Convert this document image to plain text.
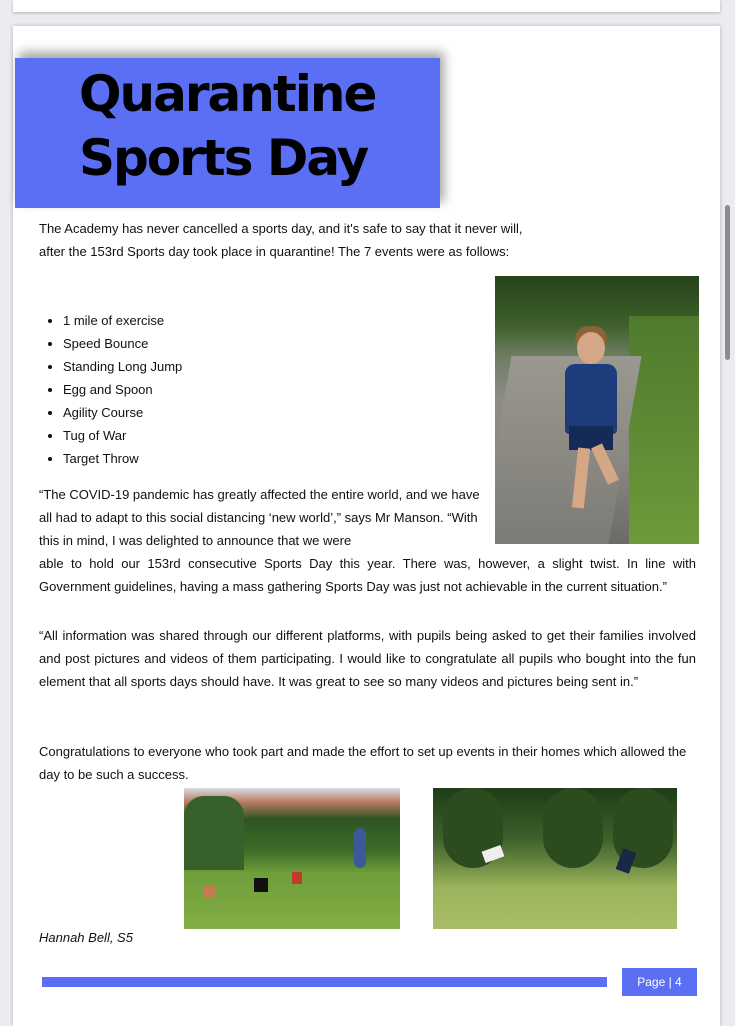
Quarantine
Sports Day
The Academy has never cancelled a sports day, and it's safe to say that it never will, after the 153rd Sports day took place in quarantine! The 7 events were as follows:
• 1 mile of exercise
• Speed Bounce
• Standing Long Jump
• Egg and Spoon
• Agility Course
• Tug of War
• Target Throw
“The COVID-19 pandemic has greatly affected the entire world, and we have all had to adapt to this social distancing ‘new world’,” says Mr Manson. “With this in mind, I was delighted to announce that we were
able to hold our 153rd consecutive Sports Day this year. There was, however, a slight twist. In line with Government guidelines, having a mass gathering Sports Day was just not achievable in the current situation.”
“All information was shared through our different platforms, with pupils being asked to get their families involved and post pictures and videos of them participating. I would like to congratulate all pupils who bought into the fun element that all sports days should have. It was great to see so many videos and pictures being sent in.”
Congratulations to everyone who took part and made the effort to set up events in their homes which allowed the day to be such a success.
Hannah Bell, S5
Page | 4
